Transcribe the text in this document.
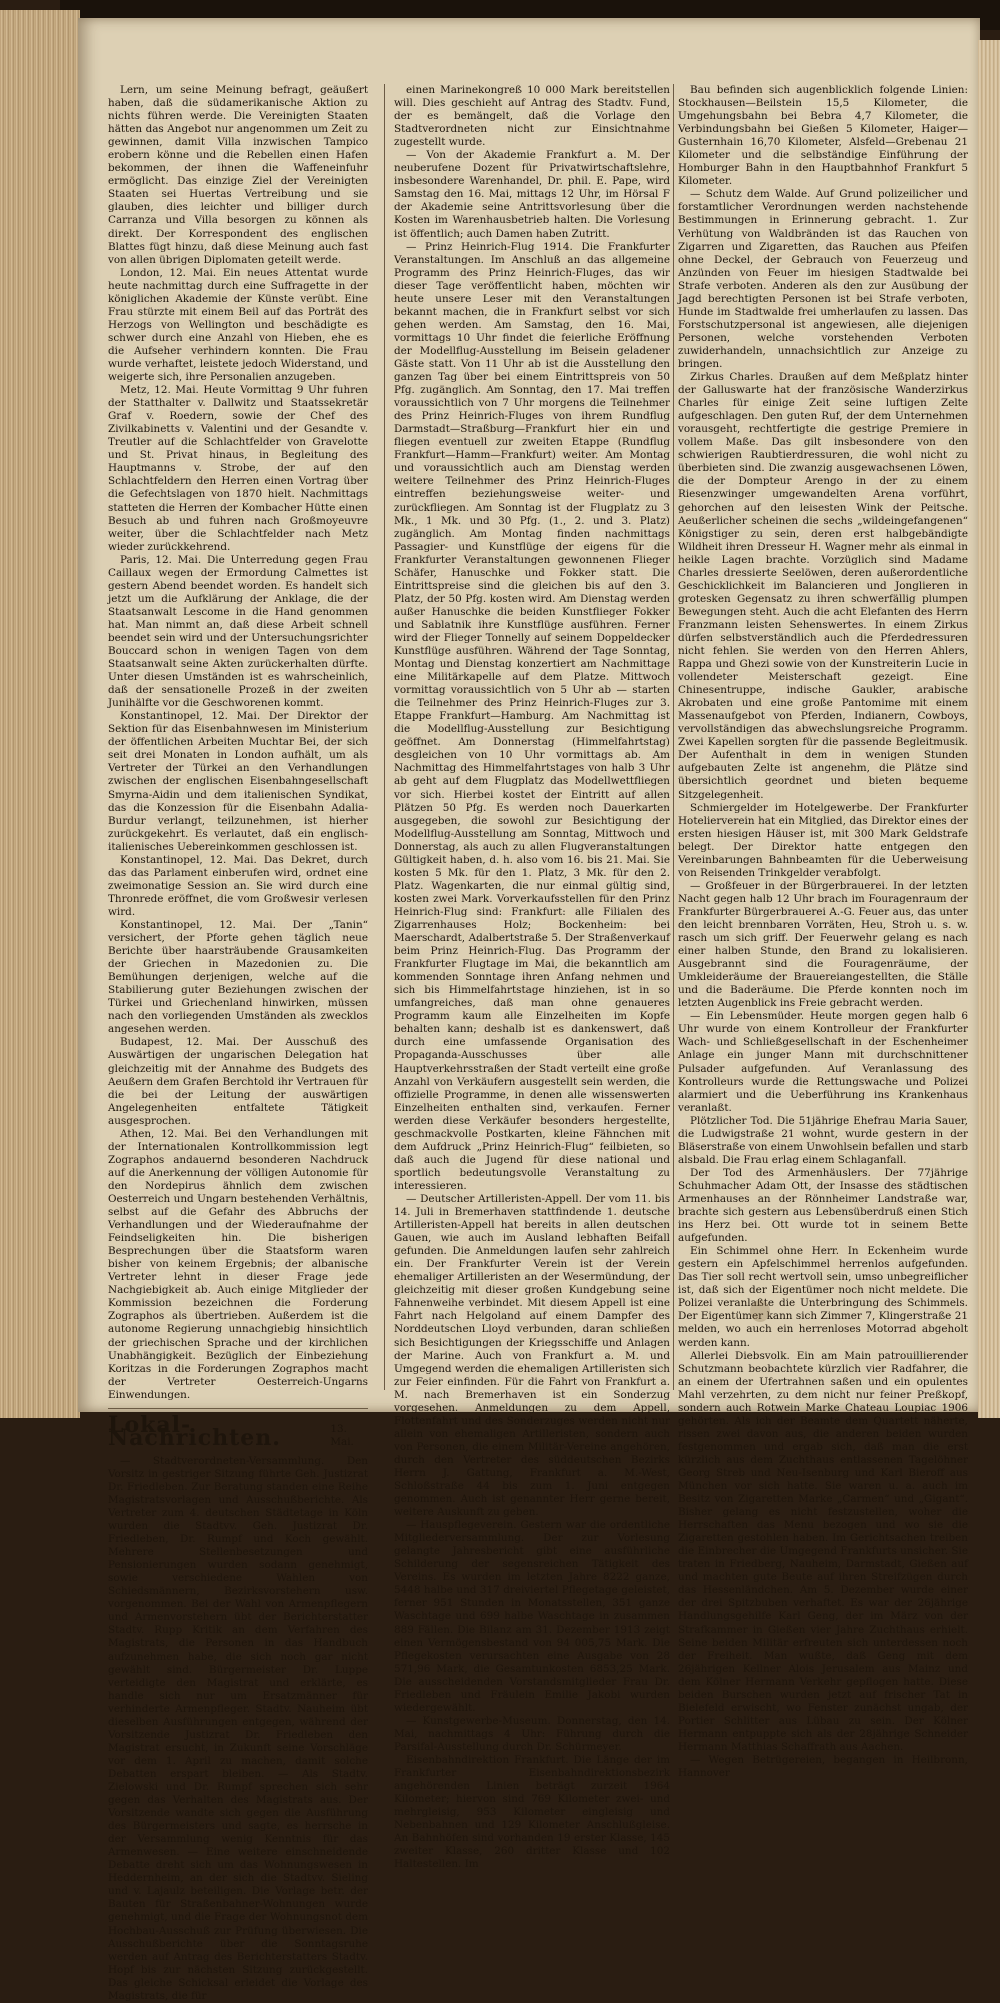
Lern, um seine Meinung befragt, geäußert haben, daß die südamerikanische Aktion zu nichts führen werde. Die Vereinigten Staaten hätten das Angebot nur angenommen um Zeit zu gewinnen, damit Villa inzwischen Tampico erobern könne und die Rebellen einen Hafen bekommen, der ihnen die Waffeneinfuhr ermöglicht. Das einzige Ziel der Vereinigten Staaten sei Huertas Vertreibung und sie glauben, dies leichter und billiger durch Carranza und Villa besorgen zu können als direkt. Der Korrespondent des englischen Blattes fügt hinzu, daß diese Meinung auch fast von allen übrigen Diplomaten geteilt werde.

London, 12. Mai. Ein neues Attentat wurde heute nachmittag durch eine Suffragette in der königlichen Akademie der Künste verübt. Eine Frau stürzte mit einem Beil auf das Porträt des Herzogs von Wellington und beschädigte es schwer durch eine Anzahl von Hieben, ehe es die Aufseher verhindern konnten. Die Frau wurde verhaftet, leistete jedoch Widerstand, und weigerte sich, ihre Personalien anzugeben.

Metz, 12. Mai. Heute Vormittag 9 Uhr fuhren der Statthalter v. Dallwitz und Staatssekretär Graf v. Roedern, sowie der Chef des Zivilkabinetts v. Valentini und der Gesandte v. Treutler auf die Schlachtfelder von Gravelotte und St. Privat hinaus, in Begleitung des Hauptmanns v. Strobe, der auf den Schlachtfeldern den Herren einen Vortrag über die Gefechtslagen von 1870 hielt. Nachmittags statteten die Herren der Kombacher Hütte einen Besuch ab und fuhren nach Großmoyeuvre weiter, über die Schlachtfelder nach Metz wieder zurückkehrend.

Paris, 12. Mai. Die Unterredung gegen Frau Caillaux wegen der Ermordung Calmettes ist gestern Abend beendet worden. Es handelt sich jetzt um die Aufklärung der Anklage, die der Staatsanwalt Lescome in die Hand genommen hat. Man nimmt an, daß diese Arbeit schnell beendet sein wird und der Untersuchungsrichter Bouccard schon in wenigen Tagen von dem Staatsanwalt seine Akten zurückerhalten dürfte. Unter diesen Umständen ist es wahrscheinlich, daß der sensationelle Prozeß in der zweiten Junihälfte vor die Geschworenen kommt.

Konstantinopel, 12. Mai. Der Direktor der Sektion für das Eisenbahnwesen im Ministerium der öffentlichen Arbeiten Muchtar Bei, der sich seit drei Monaten in London aufhält, um als Vertreter der Türkei an den Verhandlungen zwischen der englischen Eisenbahngesellschaft Smyrna-Aidin und dem italienischen Syndikat, das die Konzession für die Eisenbahn Adalia-Burdur verlangt, teilzunehmen, ist hierher zurückgekehrt. Es verlautet, daß ein englisch-italienisches Uebereinkommen geschlossen ist.

Konstantinopel, 12. Mai. Das Dekret, durch das das Parlament einberufen wird, ordnet eine zweimonatige Session an. Sie wird durch eine Thronrede eröffnet, die vom Großwesir verlesen wird.

Konstantinopel, 12. Mai. Der „Tanin“ versichert, der Pforte gehen täglich neue Berichte über haarsträubende Grausamkeiten der Griechen in Mazedonien zu. Die Bemühungen derjenigen, welche auf die Stabilierung guter Beziehungen zwischen der Türkei und Griechenland hinwirken, müssen nach den vorliegenden Umständen als zwecklos angesehen werden.

Budapest, 12. Mai. Der Ausschuß des Auswärtigen der ungarischen Delegation hat gleichzeitig mit der Annahme des Budgets des Aeußern dem Grafen Berchtold ihr Vertrauen für die bei der Leitung der auswärtigen Angelegenheiten entfaltete Tätigkeit ausgesprochen.

Athen, 12. Mai. Bei den Verhandlungen mit der Internationalen Kontrollkommission legt Zographos andauernd besonderen Nachdruck auf die Anerkennung der völligen Autonomie für den Nordepirus ähnlich dem zwischen Oesterreich und Ungarn bestehenden Verhältnis, selbst auf die Gefahr des Abbruchs der Verhandlungen und der Wiederaufnahme der Feindseligkeiten hin. Die bisherigen Besprechungen über die Staatsform waren bisher von keinem Ergebnis; der albanische Vertreter lehnt in dieser Frage jede Nachgiebigkeit ab. Auch einige Mitglieder der Kommission bezeichnen die Forderung Zographos als übertrieben. Außerdem ist die autonome Regierung unnachgiebig hinsichtlich der griechischen Sprache und der kirchlichen Unabhängigkeit. Bezüglich der Einbeziehung Koritzas in die Forderungen Zographos macht der Vertreter Oesterreich-Ungarns Einwendungen.

Lokal-Nachrichten.	13. Mai.

— Stadtverordneten-Versammlung. Den Vorsitz in gestriger Sitzung führte Geh. Justizrat Dr. Friedleben. Zur Beratung standen eine Reihe Magistratsvorlagen und Ausschußberichte. Als Vertreter zum 4. deutschen Städtetage in Köln wurden die Stadtvv. Geh. Justizrat Dr. Friedleben, Dr. Rumpf und Koch gewählt. Mehrere Stellenbesetzungen und Pensionierungen wurden sodann genehmigt, sowie verschiedene Wahlen von Schiedsmännern, Bezirksvorstehern usw. vorgenommen. Bei der Wahl von Armenpflegern und Armenvorstehern übt der Berichterstatter Stadtv. Rupp Kritik an dem Verfahren des Magistrats, die Personen in das Handbuch aufzunehmen habe, die sich noch gar nicht gewählt sind. Bürgermeister Dr. Luppe verteidigte den Magistrat und erklärte, es handle sich nur um Ersatzmänner für verhinderte Armenpfleger. Stadtv. Nauheim übt dieselben Ausführungen entgegen, während der Vorsitzende Justizrat Dr. Friedleben den Magistrat ersucht, in Zukunft seine Vorschläge vor dem 1. April zu machen, damit solche Debatten erspart bleiben. — Als Stadtv. Zielowski und Dr. Rumpf sprechen sich sehr gegen das Verhalten des Magistrats aus. Der Vorsitzende wandte sich gegen die Ausführung des Bürgermeisters und sagte, es herrsche in der Versammlung wenig Kenntnis für das Armenwesen. — Eine weitere einschneidende Debatte dreht sich um das Wohnungswesen in Heddernheim, an der sich die Stadtvv. Sieling und v. Lajaulz beteiligen. Die Vorlage betr. der Bauten für Straßenbahner-Wohnungen wurde genehmigt, und die Frage der Wohnungsnot dem Hochbau-Ausschuß zur Prüfung überwiesen. Die Ausschußberichte über die Sonntagsruhe werden auf Antrag des Berichterstatters Stadtv. Hopf bis zur nächsten Sitzung zurückgestellt. Das gleiche Schicksal erleidet die Vorlage des Magistrats, die für

einen Marinekongreß 10 000 Mark bereitstellen will. Dies geschieht auf Antrag des Stadtv. Fund, der es bemängelt, daß die Vorlage den Stadtverordneten nicht zur Einsichtnahme zugestellt wurde.

— Von der Akademie Frankfurt a. M. Der neuberufene Dozent für Privatwirtschaftslehre, insbesondere Warenhandel, Dr. phil. E. Pape, wird Samstag den 16. Mai, mittags 12 Uhr, im Hörsal F der Akademie seine Antrittsvorlesung über die Kosten im Warenhausbetrieb halten. Die Vorlesung ist öffentlich; auch Damen haben Zutritt.

— Prinz Heinrich-Flug 1914. Die Frankfurter Veranstaltungen. Im Anschluß an das allgemeine Programm des Prinz Heinrich-Fluges, das wir dieser Tage veröffentlicht haben, möchten wir heute unsere Leser mit den Veranstaltungen bekannt machen, die in Frankfurt selbst vor sich gehen werden. Am Samstag, den 16. Mai, vormittags 10 Uhr findet die feierliche Eröffnung der Modellflug-Ausstellung im Beisein geladener Gäste statt. Von 11 Uhr ab ist die Ausstellung den ganzen Tag über bei einem Eintrittspreis von 50 Pfg. zugänglich. Am Sonntag, den 17. Mai treffen voraussichtlich von 7 Uhr morgens die Teilnehmer des Prinz Heinrich-Fluges von ihrem Rundflug Darmstadt—Straßburg—Frankfurt hier ein und fliegen eventuell zur zweiten Etappe (Rundflug Frankfurt—Hamm—Frankfurt) weiter. Am Montag und voraussichtlich auch am Dienstag werden weitere Teilnehmer des Prinz Heinrich-Fluges eintreffen beziehungsweise weiter- und zurückfliegen. Am Sonntag ist der Flugplatz zu 3 Mk., 1 Mk. und 30 Pfg. (1., 2. und 3. Platz) zugänglich. Am Montag finden nachmittags Passagier- und Kunstflüge der eigens für die Frankfurter Veranstaltungen gewonnenen Flieger Schäfer, Hanuschke und Fokker statt. Die Eintrittspreise sind die gleichen bis auf den 3. Platz, der 50 Pfg. kosten wird. Am Dienstag werden außer Hanuschke die beiden Kunstflieger Fokker und Sablatnik ihre Kunstflüge ausführen. Ferner wird der Flieger Tonnelly auf seinem Doppeldecker Kunstflüge ausführen. Während der Tage Sonntag, Montag und Dienstag konzertiert am Nachmittage eine Militärkapelle auf dem Platze. Mittwoch vormittag voraussichtlich von 5 Uhr ab — starten die Teilnehmer des Prinz Heinrich-Fluges zur 3. Etappe Frankfurt—Hamburg. Am Nachmittag ist die Modellflug-Ausstellung zur Besichtigung geöffnet. Am Donnerstag (Himmelfahrtstag) desgleichen von 10 Uhr vormittags ab. Am Nachmittag des Himmelfahrtstages von halb 3 Uhr ab geht auf dem Flugplatz das Modellwettfliegen vor sich. Hierbei kostet der Eintritt auf allen Plätzen 50 Pfg. Es werden noch Dauerkarten ausgegeben, die sowohl zur Besichtigung der Modellflug-Ausstellung am Sonntag, Mittwoch und Donnerstag, als auch zu allen Flugveranstaltungen Gültigkeit haben, d. h. also vom 16. bis 21. Mai. Sie kosten 5 Mk. für den 1. Platz, 3 Mk. für den 2. Platz. Wagenkarten, die nur einmal gültig sind, kosten zwei Mark. Vorverkaufsstellen für den Prinz Heinrich-Flug sind: Frankfurt: alle Filialen des Zigarrenhauses Holz; Bockenheim: bei Maerschardt, Adalbertstraße 5. Der Straßenverkauf beim Prinz Heinrich-Flug. Das Programm der Frankfurter Flugtage im Mai, die bekanntlich am kommenden Sonntage ihren Anfang nehmen und sich bis Himmelfahrtstage hinziehen, ist in so umfangreiches, daß man ohne genaueres Programm kaum alle Einzelheiten im Kopfe behalten kann; deshalb ist es dankenswert, daß durch eine umfassende Organisation des Propaganda-Ausschusses über alle Hauptverkehrsstraßen der Stadt verteilt eine große Anzahl von Verkäufern ausgestellt sein werden, die offizielle Programme, in denen alle wissenswerten Einzelheiten enthalten sind, verkaufen. Ferner werden diese Verkäufer besonders hergestellte, geschmackvolle Postkarten, kleine Fähnchen mit dem Aufdruck „Prinz Heinrich-Flug“ feilbieten, so daß auch die Jugend für diese national und sportlich bedeutungsvolle Veranstaltung zu interessieren.

— Deutscher Artilleristen-Appell. Der vom 11. bis 14. Juli in Bremerhaven stattfindende 1. deutsche Artilleristen-Appell hat bereits in allen deutschen Gauen, wie auch im Ausland lebhaften Beifall gefunden. Die Anmeldungen laufen sehr zahlreich ein. Der Frankfurter Verein ist der Verein ehemaliger Artilleristen an der Wesermündung, der gleichzeitig mit dieser großen Kundgebung seine Fahnenweihe verbindet. Mit diesem Appell ist eine Fahrt nach Helgoland auf einem Dampfer des Norddeutschen Lloyd verbunden, daran schließen sich Besichtigungen der Kriegsschiffe und Anlagen der Marine. Auch von Frankfurt a. M. und Umgegend werden die ehemaligen Artilleristen sich zur Feier einfinden. Für die Fahrt von Frankfurt a. M. nach Bremerhaven ist ein Sonderzug vorgesehen. Anmeldungen zu dem Appell, Flottenfahrt und des Sonderzuges werden nicht nur allein von ehemaligen Artilleristen, sondern auch von Personen, die einem Militär-Vereine angehören, durch den Vertreter des süddeutschen Bezirks Herrn J. Gattung, Frankfurt a. M.-West, Schloßstraße 44 bis zum 1. Juni entgegen genommen. Auch ist genannter Herr gerne bereit, weitere Auskunft zu geben.

— Hauspflegeverein. Gestern war die ordentliche Mitgliederversammlung. Der zur Vorlesung gelangte Jahresbericht gibt eine ausführliche Schilderung der segensreichen Tätigkeit des Vereins. Es wurden im letzten Jahre 8222 ganze, 5448 halbe und 317 dreiviertel Pflegetage geleistet, ferner 951 Stunden in Monatsstellen, 351 ganze Waschtage und 699 halbe Waschtage in zusammen 889 Fällen. Die Bilanz am 31. Dezember 1913 zeigt einen Vermögensbestand von 94 005,75 Mark. Die Pflegekosten verursachten eine Ausgabe von 28 571,96 Mark, die Gesamtunkosten 6853,25 Mark. Die ausscheidenden Vorstandsmitglieder Frau Dr. Friedleben und Fräulein Emilie Jakobi wurden wiedergewählt.

— Kunstgewerbe-Museum. Donnerstag, den 14. Mai, nachmittags 4 Uhr: Führung durch die Parsifal-Ausstellung durch Dr. Schürmeyer.

Eisenbahndirektion Frankfurt. Die Länge der im Frankfurter Eisenbahndirektionsbezirk angehörenden Linien beträgt zurzeit 1964 Kilometer; hiervon sind 769 Kilometer zwei- und mehrgleisig, 953 Kilometer eingleisig und Nebenbahnen und 129 Kilometer Anschlußgleise. An Bahnhöfen sind vorhanden 19 erster Klasse, 145 zweiter Klasse, 260 dritter Klasse und 102 Haltestellen. Im

Bau befinden sich augenblicklich folgende Linien: Stockhausen—Beilstein 15,5 Kilometer, die Umgehungsbahn bei Bebra 4,7 Kilometer, die Verbindungsbahn bei Gießen 5 Kilometer, Haiger—Gusternhain 16,70 Kilometer, Alsfeld—Grebenau 21 Kilometer und die selbständige Einführung der Homburger Bahn in den Hauptbahnhof Frankfurt 5 Kilometer.

— Schutz dem Walde. Auf Grund polizeilicher und forstamtlicher Verordnungen werden nachstehende Bestimmungen in Erinnerung gebracht. 1. Zur Verhütung von Waldbränden ist das Rauchen von Zigarren und Zigaretten, das Rauchen aus Pfeifen ohne Deckel, der Gebrauch von Feuerzeug und Anzünden von Feuer im hiesigen Stadtwalde bei Strafe verboten. Anderen als den zur Ausübung der Jagd berechtigten Personen ist bei Strafe verboten, Hunde im Stadtwalde frei umherlaufen zu lassen. Das Forstschutzpersonal ist angewiesen, alle diejenigen Personen, welche vorstehenden Verboten zuwiderhandeln, unnachsichtlich zur Anzeige zu bringen.

Zirkus Charles. Draußen auf dem Meßplatz hinter der Galluswarte hat der französische Wanderzirkus Charles für einige Zeit seine luftigen Zelte aufgeschlagen. Den guten Ruf, der dem Unternehmen vorausgeht, rechtfertigte die gestrige Premiere in vollem Maße. Das gilt insbesondere von den schwierigen Raubtierdressuren, die wohl nicht zu überbieten sind. Die zwanzig ausgewachsenen Löwen, die der Dompteur Arengo in der zu einem Riesenzwinger umgewandelten Arena vorführt, gehorchen auf den leisesten Wink der Peitsche. Aeußerlicher scheinen die sechs „wildeingefangenen“ Königstiger zu sein, deren erst halbgebändigte Wildheit ihren Dresseur H. Wagner mehr als einmal in heikle Lagen brachte. Vorzüglich sind Madame Charles dressierte Seelöwen, deren außerordentliche Geschicklichkeit im Balancieren und Jonglieren in grotesken Gegensatz zu ihren schwerfällig plumpen Bewegungen steht. Auch die acht Elefanten des Herrn Franzmann leisten Sehenswertes. In einem Zirkus dürfen selbstverständlich auch die Pferdedressuren nicht fehlen. Sie werden von den Herren Ahlers, Rappa und Ghezi sowie von der Kunstreiterin Lucie in vollendeter Meisterschaft gezeigt. Eine Chinesentruppe, indische Gaukler, arabische Akrobaten und eine große Pantomime mit einem Massenaufgebot von Pferden, Indianern, Cowboys, vervollständigen das abwechslungsreiche Programm. Zwei Kapellen sorgten für die passende Begleitmusik. Der Aufenthalt in dem in wenigen Stunden aufgebauten Zelte ist angenehm, die Plätze sind übersichtlich geordnet und bieten bequeme Sitzgelegenheit.

Schmiergelder im Hotelgewerbe. Der Frankfurter Hotelierverein hat ein Mitglied, das Direktor eines der ersten hiesigen Häuser ist, mit 300 Mark Geldstrafe belegt. Der Direktor hatte entgegen den Vereinbarungen Bahnbeamten für die Ueberweisung von Reisenden Trinkgelder verabfolgt.

— Großfeuer in der Bürgerbrauerei. In der letzten Nacht gegen halb 12 Uhr brach im Fouragenraum der Frankfurter Bürgerbrauerei A.-G. Feuer aus, das unter den leicht brennbaren Vorräten, Heu, Stroh u. s. w. rasch um sich griff. Der Feuerwehr gelang es nach einer halben Stunde, den Brand zu lokalisieren. Ausgebrannt sind die Fouragenräume, der Umkleideräume der Brauereiangestellten, die Ställe und die Baderäume. Die Pferde konnten noch im letzten Augenblick ins Freie gebracht werden.

— Ein Lebensmüder. Heute morgen gegen halb 6 Uhr wurde von einem Kontrolleur der Frankfurter Wach- und Schließgesellschaft in der Eschenheimer Anlage ein junger Mann mit durchschnittener Pulsader aufgefunden. Auf Veranlassung des Kontrolleurs wurde die Rettungswache und Polizei alarmiert und die Ueberführung ins Krankenhaus veranlaßt.

Plötzlicher Tod. Die 51jährige Ehefrau Maria Sauer, die Ludwigstraße 21 wohnt, wurde gestern in der Bläserstraße von einem Unwohlsein befallen und starb alsbald. Die Frau erlag einem Schlaganfall.

Der Tod des Armenhäuslers. Der 77jährige Schuhmacher Adam Ott, der Insasse des städtischen Armenhauses an der Rönnheimer Landstraße war, brachte sich gestern aus Lebensüberdruß einen Stich ins Herz bei. Ott wurde tot in seinem Bette aufgefunden.

Ein Schimmel ohne Herr. In Eckenheim wurde gestern ein Apfelschimmel herrenlos aufgefunden. Das Tier soll recht wertvoll sein, umso unbegreiflicher ist, daß sich der Eigentümer noch nicht meldete. Die Polizei veranlaßte die Unterbringung des Schimmels. Der Eigentümer kann sich Zimmer 7, Klingerstraße 21 melden, wo auch ein herrenloses Motorrad abgeholt werden kann.

Allerlei Diebsvolk. Ein am Main patrouillierender Schutzmann beobachtete kürzlich vier Radfahrer, die an einem der Ufertrahnen saßen und ein opulentes Mahl verzehrten, zu dem nicht nur feiner Preßkopf, sondern auch Rotwein Marke Chateau Loupiac 1906 gehörten. Als ich der Beamte dem Quartett näherte, rissen zwei davon aus, die anderen beiden wurden festgenommen und ergab sich, daß man die erst kürzlich aus dem Zuchthaus entlassenen Tagelöhner Georg Streb und Neu-Isenburg und Karl Bieroff aus München vor sich hatte. Sie waren u. a. auch im Besitz von Zigaretten Marke „Carmen“ und „Gigant“. Bisher gelang es nicht festzustellen, woher die Herrschaften das Menu bezogen und wo sie die Zigaretten gestohlen haben. Im Gerichtsachen treiben die Einbrecher die Umgegend Frankfurts unsicher. Sie traten in Friedberg, Nauheim, Darmstadt, Gießen auf und machten gute Beute auf ihren Streifzügen durch das Hessenländchen. Am 5. Dezember wurde einer der drei Spitzbuben verhaftet. Es war der 26jährige Handlungsgehilfe Karl Geng, der im März von der Strafkammer in Gießen vier Jahre Zuchthaus erhielt. Seine beiden Militär erfreuten sich unterdessen noch der Freiheit. Man wußte, daß Geng mit dem 26jährigen Kellner Alois Jerusalem aus Mainz und dem Kölner Hermann Verkehr gepflogen hatte. Diese beiden Burschen wurden jetzt auf frischer Tat in Bielefeld erwischt, wo Fenster zunächst ungab, der Portier Schlitter aus Lübau zu sein. Der Kölner Hermann entpuppte sich als der 28jährige Schneider Hermann Matthias Schaffrath aus Aachen.

— Wegen Betrügereien, begangen in Heilbronn, Hannover
